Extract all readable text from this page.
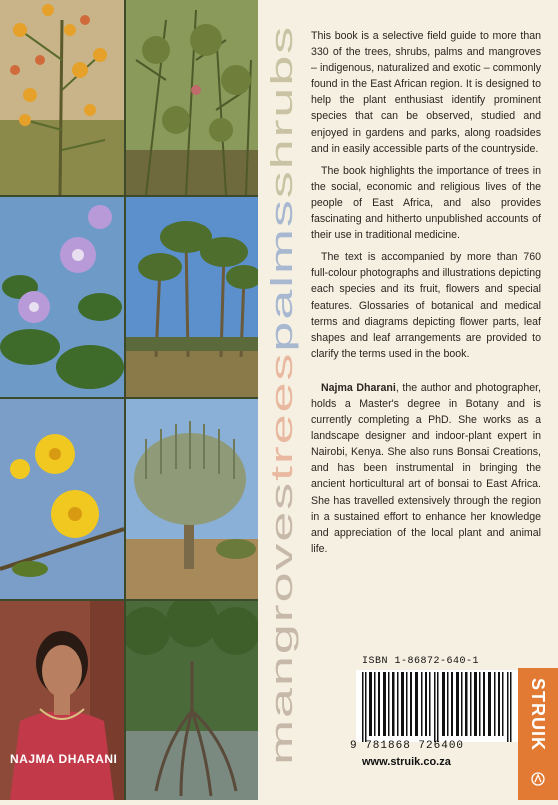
NAJMA DHARANI	mangrovestreespalmsshrubs

This book is a selective field guide to more than 330 of the trees, shrubs, palms and mangroves – indigenous, naturalized and exotic – commonly found in the East African region. It is designed to help the plant enthusiast identify prominent species that can be observed, studied and enjoyed in gardens and parks, along roadsides and in easily accessible parts of the countryside.

The book highlights the importance of trees in the social, economic and religious lives of the people of East Africa, and also provides fascinating and hitherto unpublished accounts of their use in traditional medicine.

The text is accompanied by more than 760 full-colour photographs and illustrations depicting each species and its fruit, flowers and special features. Glossaries of botanical and medical terms and diagrams depicting flower parts, leaf shapes and leaf arrangements are provided to clarify the terms used in the book.

Najma Dharani, the author and photographer, holds a Master's degree in Botany and is currently completing a PhD. She works as a landscape designer and indoor-plant expert in Nairobi, Kenya. She also runs Bonsai Creations, and has been instrumental in bringing the ancient horticultural art of bonsai to East Africa. She has travelled extensively through the region in a sustained effort to enhance her knowledge and appreciation of the local plant and animal life.

ISBN 1-86872-640-1
9 781868 726400
www.struik.co.za
STRUIK
